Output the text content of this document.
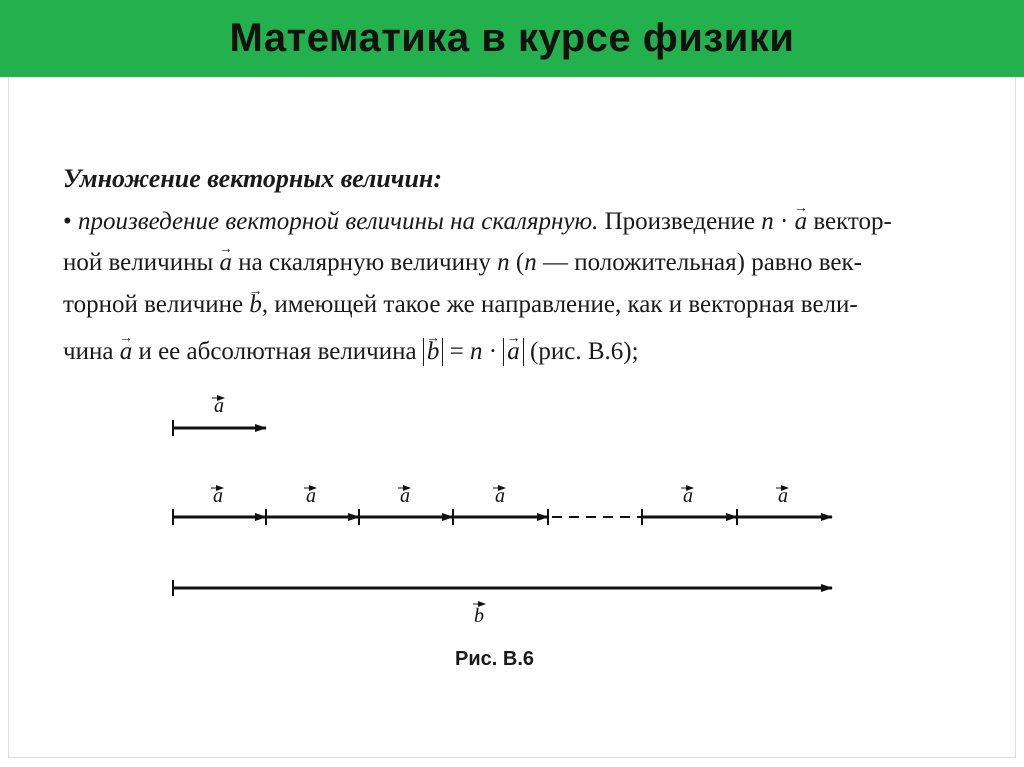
Математика в курсе физики
Умножение векторных величин:
• произведение векторной величины на скалярную. Произведение n · → a вектор-
ной величины → a на скалярную величину n (n — положительная) равно век-
торной величине → b, имеющей такое же направление, как и векторная вели-
чина → a и ее абсолютная величина → b = n · → a (рис. В.6);
a
a	a	a	a	a	a
b
Рис. В.6
